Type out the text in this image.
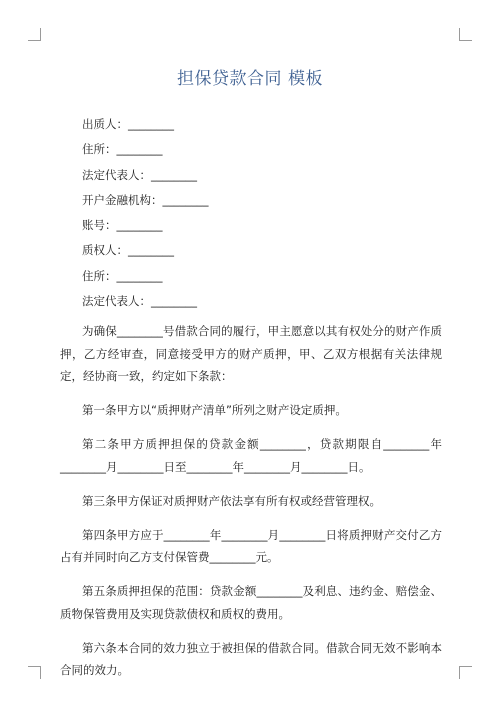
担保贷款合同 模板
出质人：________
住所：________
法定代表人：________
开户金融机构：________
账号：________
质权人：________
住所：________
法定代表人：________

为确保________号借款合同的履行，甲主愿意以其有权处分的财产作质押，乙方经审查，同意接受甲方的财产质押，甲、乙双方根据有关法律规定，经协商一致，约定如下条款：

第一条甲方以“质押财产清单”所列之财产设定质押。

第二条甲方质押担保的贷款金额________，贷款期限自________年________月________日至________年________月________日。

第三条甲方保证对质押财产依法享有所有权或经营管理权。

第四条甲方应于________年________月________日将质押财产交付乙方占有并同时向乙方支付保管费________元。

第五条质押担保的范围：贷款金额________及利息、违约金、赔偿金、质物保管费用及实现贷款债权和质权的费用。

第六条本合同的效力独立于被担保的借款合同。借款合同无效不影响本合同的效力。
